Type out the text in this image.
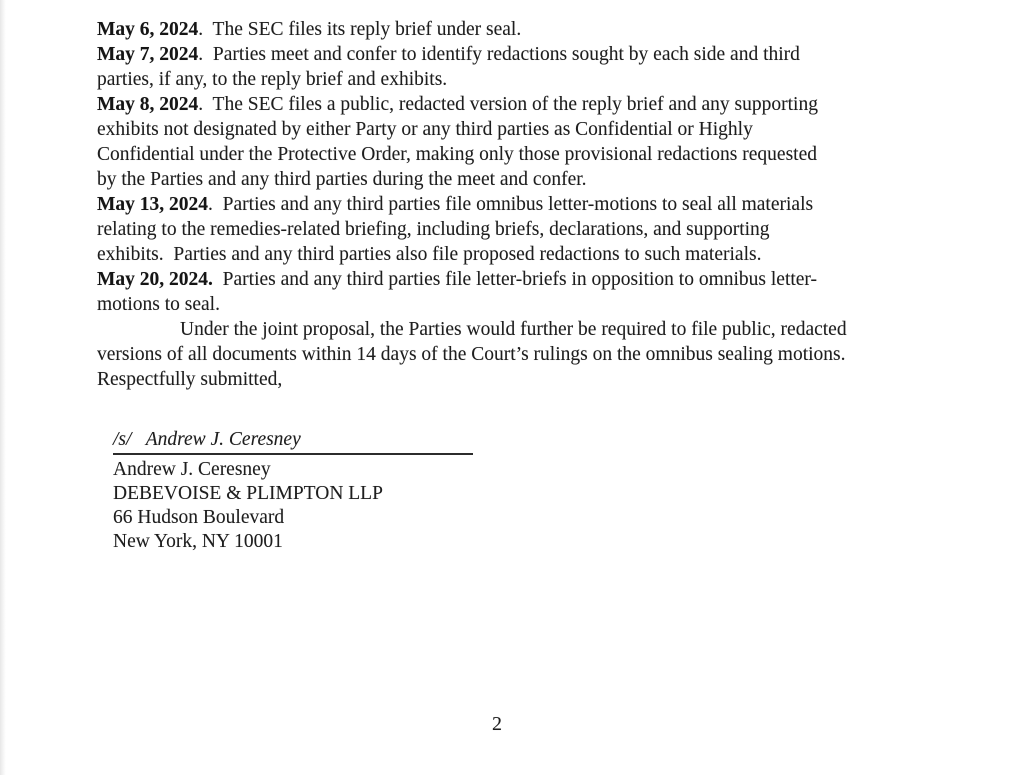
May 6, 2024.  The SEC files its reply brief under seal.

May 7, 2024.  Parties meet and confer to identify redactions sought by each side and third parties, if any, to the reply brief and exhibits.

May 8, 2024.  The SEC files a public, redacted version of the reply brief and any supporting exhibits not designated by either Party or any third parties as Confidential or Highly Confidential under the Protective Order, making only those provisional redactions requested by the Parties and any third parties during the meet and confer.

May 13, 2024.  Parties and any third parties file omnibus letter-motions to seal all materials relating to the remedies-related briefing, including briefs, declarations, and supporting exhibits.  Parties and any third parties also file proposed redactions to such materials.

May 20, 2024.  Parties and any third parties file letter-briefs in opposition to omnibus letter-motions to seal.

Under the joint proposal, the Parties would further be required to file public, redacted versions of all documents within 14 days of the Court’s rulings on the omnibus sealing motions.

Respectfully submitted,

/s/   Andrew J. Ceresney

Andrew J. Ceresney

DEBEVOISE & PLIMPTON LLP

66 Hudson Boulevard

New York, NY 10001

2
